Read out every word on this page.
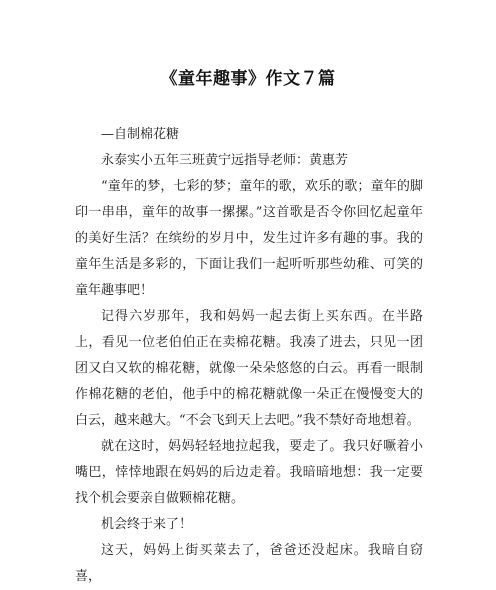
《童年趣事》作文７篇

—自制棉花糖

永泰实小五年三班黄宁远指导老师：黄惠芳

“童年的梦，七彩的梦；童年的歌，欢乐的歌；童年的脚印一串串，童年的故事一摞摞。”这首歌是否令你回忆起童年的美好生活？在缤纷的岁月中，发生过许多有趣的事。我的童年生活是多彩的，下面让我们一起听听那些幼稚、可笑的童年趣事吧！

记得六岁那年，我和妈妈一起去街上买东西。在半路上，看见一位老伯伯正在卖棉花糖。我凑了进去，只见一团团又白又软的棉花糖，就像一朵朵悠悠的白云。再看一眼制作棉花糖的老伯，他手中的棉花糖就像一朵正在慢慢变大的白云，越来越大。“不会飞到天上去吧。”我不禁好奇地想着。

就在这时，妈妈轻轻地拉起我，要走了。我只好噘着小嘴巴，悻悻地跟在妈妈的后边走着。我暗暗地想：我一定要找个机会要亲自做颗棉花糖。

机会终于来了！

这天，妈妈上街买菜去了，爸爸还没起床。我暗自窃喜，
